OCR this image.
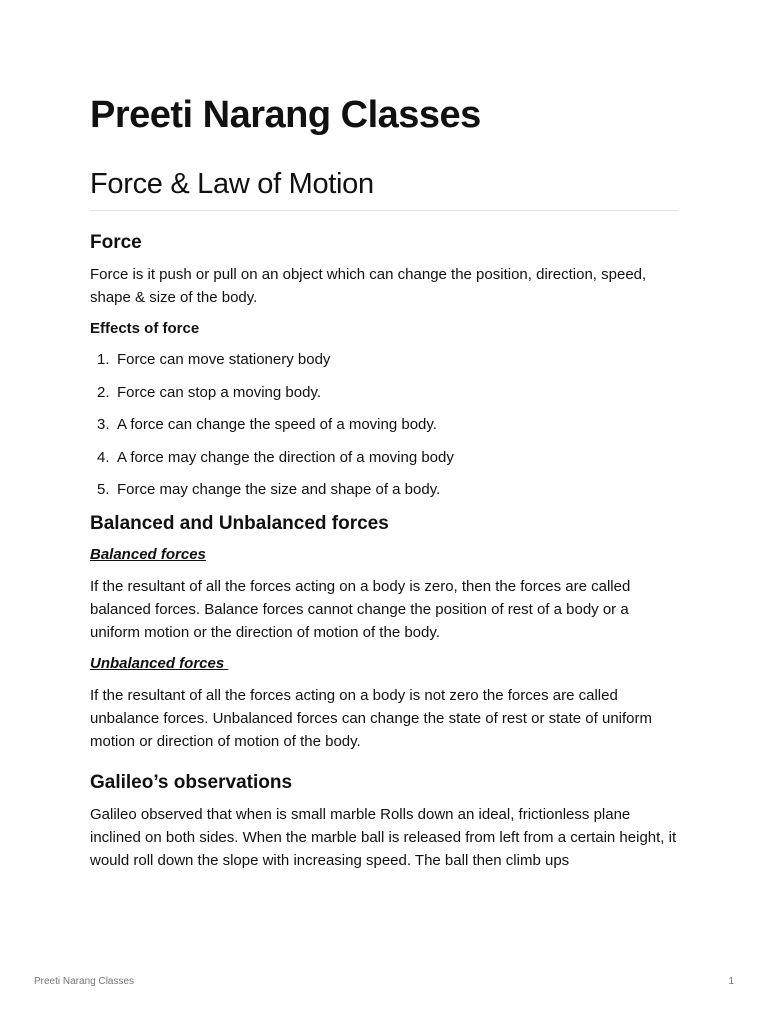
Preeti Narang Classes
Force & Law of Motion
Force

Force is it push or pull on an object which can change the position, direction, speed, shape & size of the body.

Effects of force
1. Force can move stationery body
2. Force can stop a moving body.
3. A force can change the speed of a moving body.
4. A force may change the direction of a moving body
5. Force may change the size and shape of a body.
Balanced and Unbalanced forces
Balanced forces

If the resultant of all the forces acting on a body is zero, then the forces are called balanced forces. Balance forces cannot change the position of rest of a body or a uniform motion or the direction of motion of the body.

Unbalanced forces

If the resultant of all the forces acting on a body is not zero the forces are called unbalance forces. Unbalanced forces can change the state of rest or state of uniform motion or direction of motion of the body.

Galileo’s observations

Galileo observed that when is small marble Rolls down an ideal, frictionless plane inclined on both sides. When the marble ball is released from left from a certain height, it would roll down the slope with increasing speed. The ball then climb ups

Preeti Narang Classes	1
